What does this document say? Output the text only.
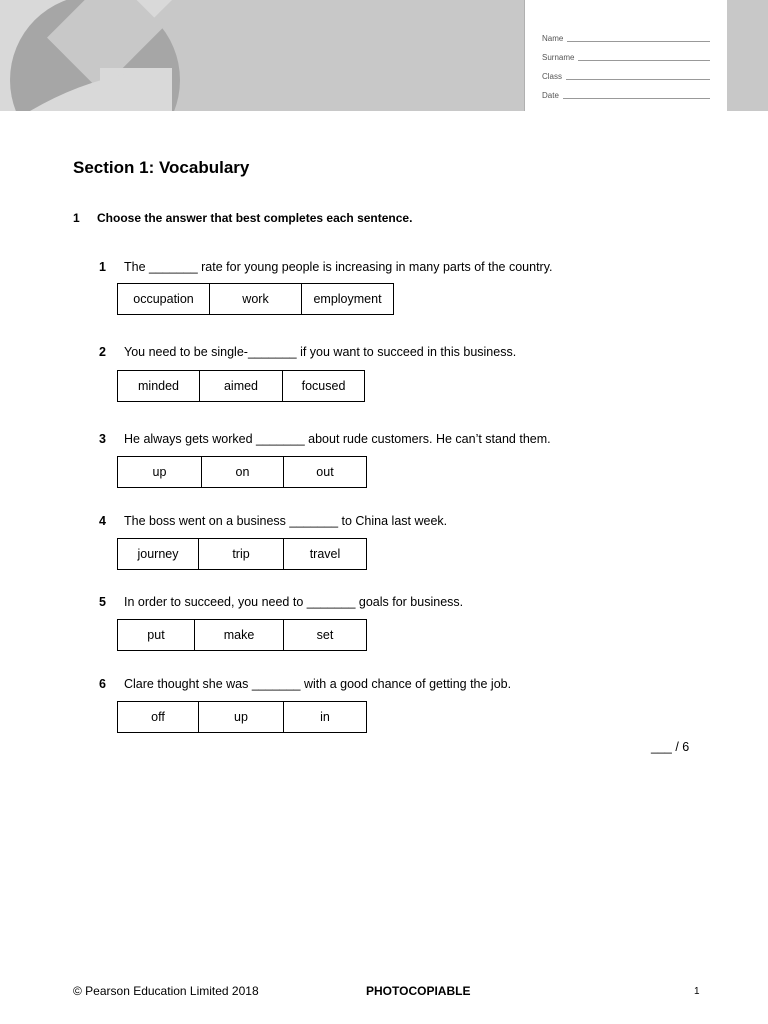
Name
Surname
Class
Date
Section 1: Vocabulary
1	Choose the answer that best completes each sentence.
1	The _______ rate for young people is increasing in many parts of the country.
occupation	work	employment
2	You need to be single-_______ if you want to succeed in this business.
minded	aimed	focused
3	He always gets worked _______ about rude customers. He can’t stand them.
up	on	out
4	The boss went on a business _______ to China last week.
journey	trip	travel
5	In order to succeed, you need to _______ goals for business.
put	make	set
6	Clare thought she was _______ with a good chance of getting the job.
off	up	in
___ / 6
© Pearson Education Limited 2018	PHOTOCOPIABLE	1
